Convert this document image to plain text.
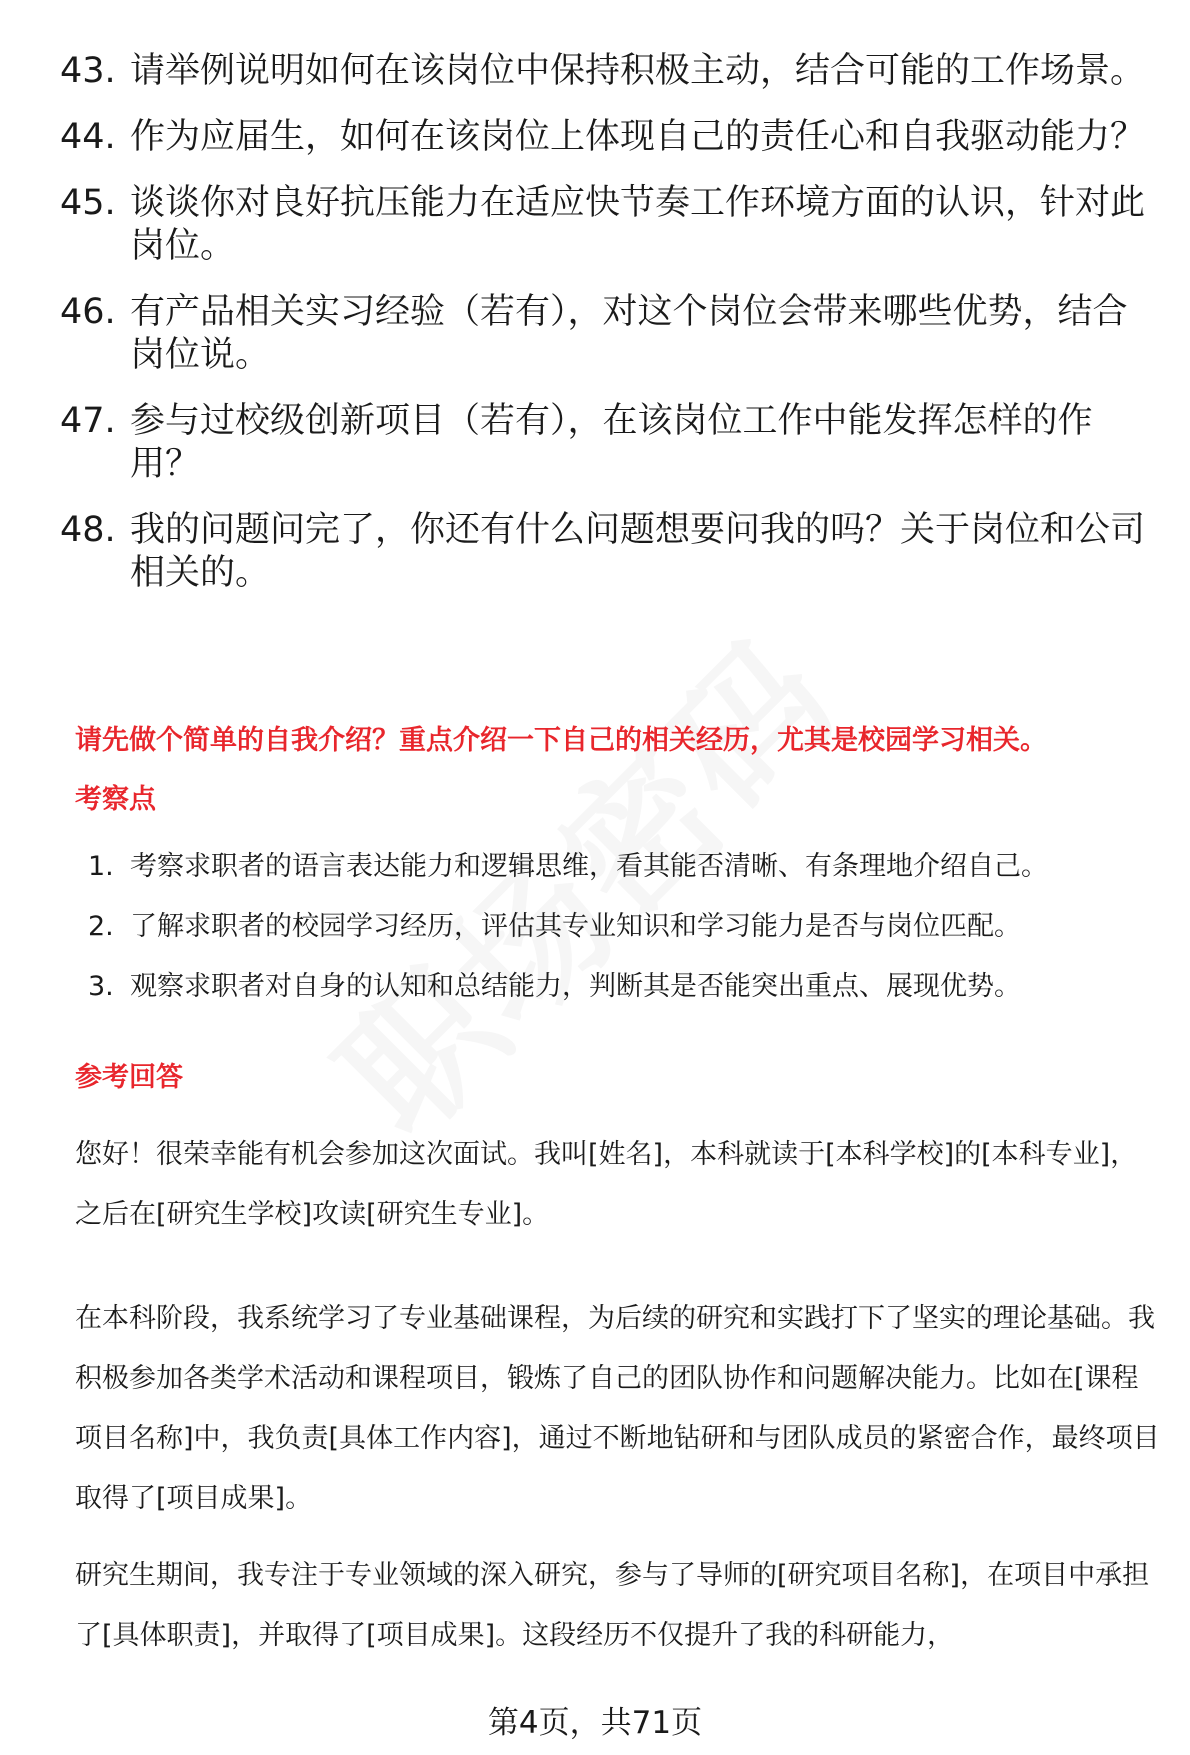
43. 请举例说明如何在该岗位中保持积极主动，结合可能的工作场景。
44. 作为应届生，如何在该岗位上体现自己的责任心和自我驱动能力？
45. 谈谈你对良好抗压能力在适应快节奏工作环境方面的认识，针对此岗位。
46. 有产品相关实习经验（若有），对这个岗位会带来哪些优势，结合岗位说。
47. 参与过校级创新项目（若有），在该岗位工作中能发挥怎样的作用？
48. 我的问题问完了，你还有什么问题想要问我的吗？关于岗位和公司相关的。
请先做个简单的自我介绍？重点介绍一下自己的相关经历，尤其是校园学习相关。
考察点
1. 考察求职者的语言表达能力和逻辑思维，看其能否清晰、有条理地介绍自己。
2. 了解求职者的校园学习经历，评估其专业知识和学习能力是否与岗位匹配。
3. 观察求职者对自身的认知和总结能力，判断其是否能突出重点、展现优势。
参考回答

您好！很荣幸能有机会参加这次面试。我叫[姓名]，本科就读于[本科学校]的[本科专业]，之后在[研究生学校]攻读[研究生专业]。

在本科阶段，我系统学习了专业基础课程，为后续的研究和实践打下了坚实的理论基础。我积极参加各类学术活动和课程项目，锻炼了自己的团队协作和问题解决能力。比如在[课程项目名称]中，我负责[具体工作内容]，通过不断地钻研和与团队成员的紧密合作，最终项目取得了[项目成果]。

研究生期间，我专注于专业领域的深入研究，参与了导师的[研究项目名称]，在项目中承担了[具体职责]，并取得了[项目成果]。这段经历不仅提升了我的科研能力，

第4页，共71页
